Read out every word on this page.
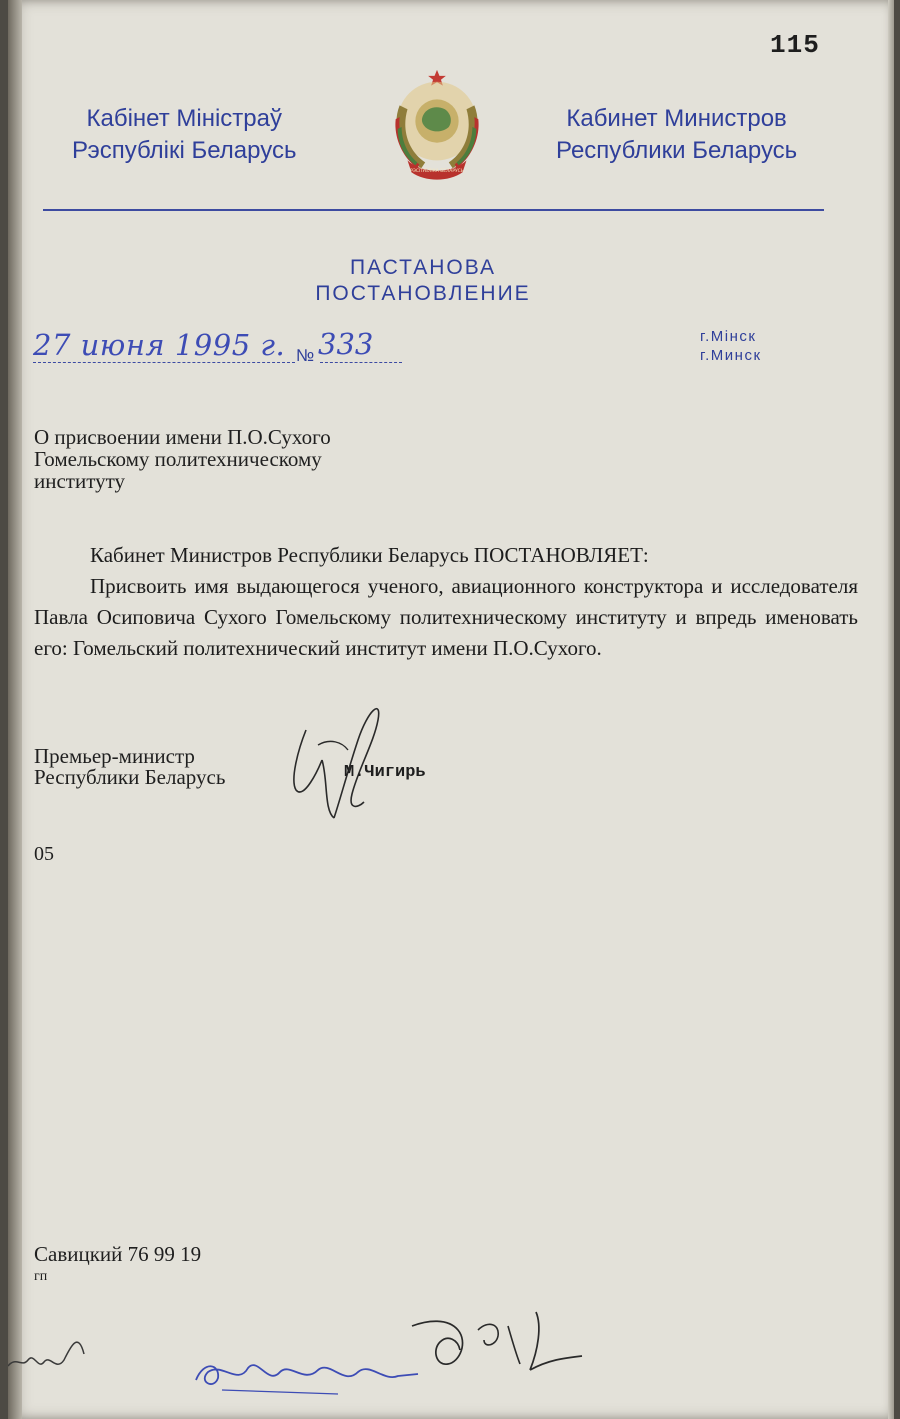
115
Кабінет Міністраў
Рэспублікі Беларусь
РЭСПУБЛІКА БЕЛАРУСЬ
Кабинет Министров
Республики Беларусь
ПАСТАНОВА
ПОСТАНОВЛЕНИЕ
27 июня 1995 г. № 333	г.Мінск
г.Минск
О присвоении имени П.О.Сухого
Гомельскому политехническому
институту

Кабинет Министров Республики Беларусь ПОСТАНОВЛЯЕТ:

Присвоить имя выдающегося ученого, авиационного конструктора и исследователя Павла Осиповича Сухого Гомельскому политехническому институту и впредь именовать его: Гомельский политехнический институт имени П.О.Сухого.

Премьер-министр
Республики Беларусь	М.Чигирь
05
Савицкий 76 99 19
гп
